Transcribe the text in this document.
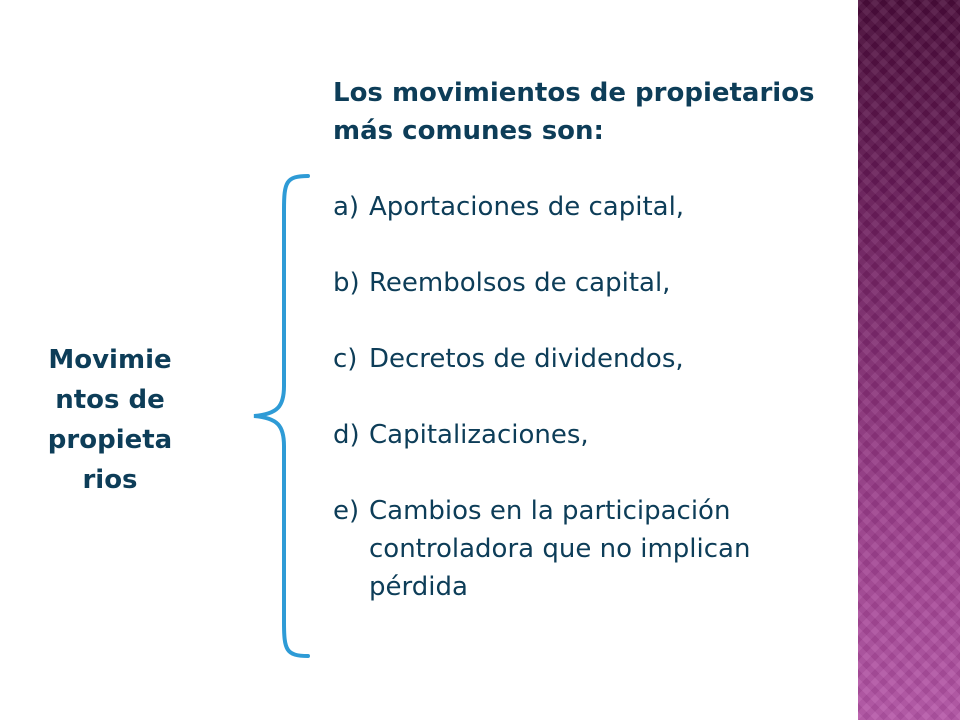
Movimie
ntos de
propieta
rios
Los movimientos de propietarios más comunes son:
a) Aportaciones de capital,
b) Reembolsos de capital,
c) Decretos de dividendos,
d) Capitalizaciones,
e) Cambios en la participación controladora que no implican pérdida
